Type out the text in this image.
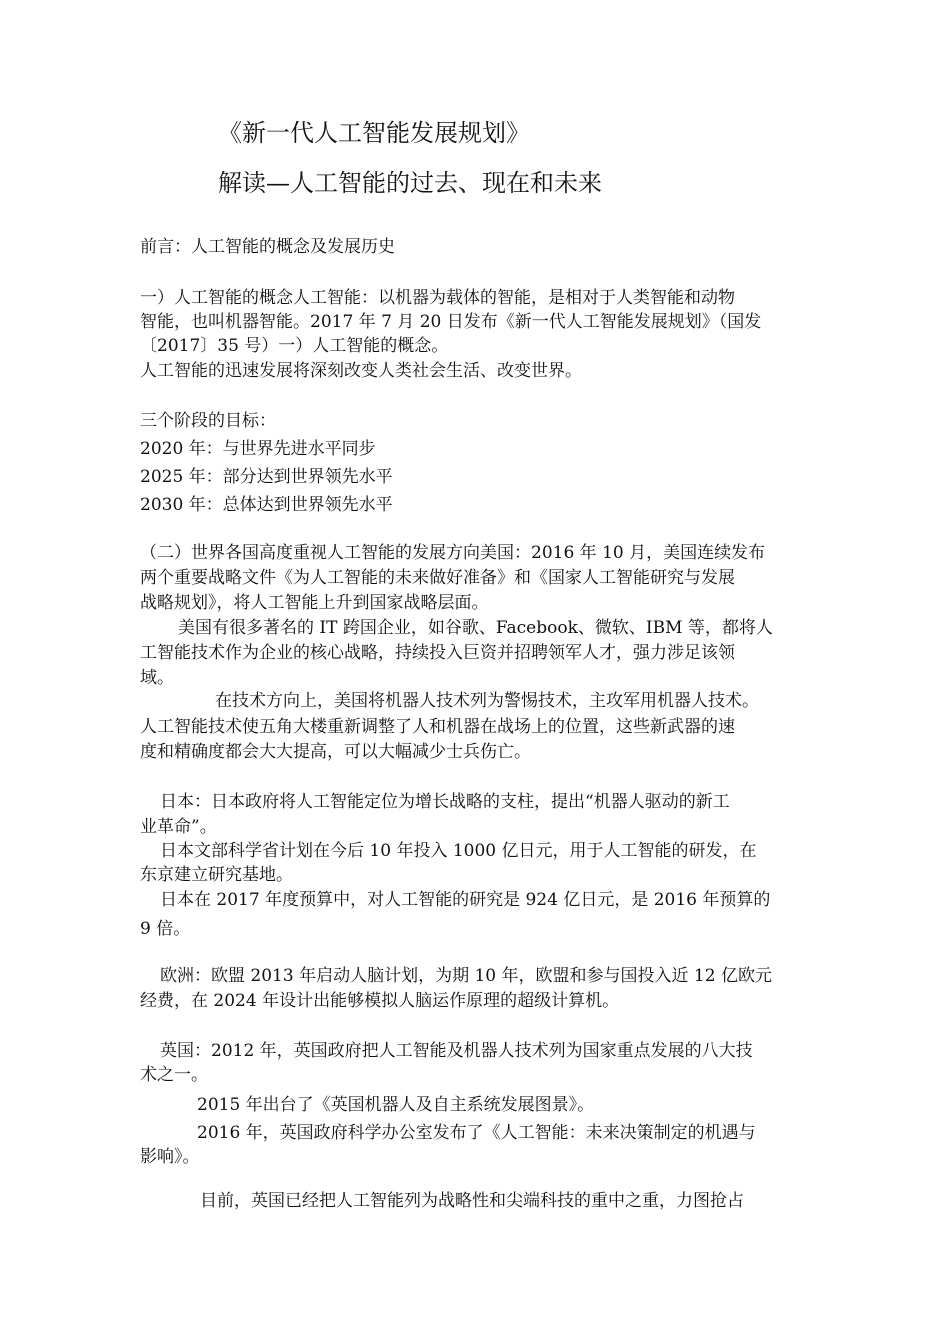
《新一代人工智能发展规划》
解读—人工智能的过去、现在和未来
前言：人工智能的概念及发展历史
一）人工智能的概念人工智能：以机器为载体的智能，是相对于人类智能和动物
智能，也叫机器智能。2017 年 7 月 20 日发布《新一代人工智能发展规划》（国发
〔2017〕35 号）一）人工智能的概念。
人工智能的迅速发展将深刻改变人类社会生活、改变世界。
三个阶段的目标：
2020 年：与世界先进水平同步
2025 年：部分达到世界领先水平
2030 年：总体达到世界领先水平
（二）世界各国高度重视人工智能的发展方向美国：2016 年 10 月，美国连续发布
两个重要战略文件《为人工智能的未来做好准备》和《国家人工智能研究与发展
战略规划》，将人工智能上升到国家战略层面。
美国有很多著名的 IT 跨国企业，如谷歌、Facebook、微软、IBM 等，都将人
工智能技术作为企业的核心战略，持续投入巨资并招聘领军人才，强力涉足该领
域。
在技术方向上，美国将机器人技术列为警惕技术，主攻军用机器人技术。
人工智能技术使五角大楼重新调整了人和机器在战场上的位置，这些新武器的速
度和精确度都会大大提高，可以大幅减少士兵伤亡。
日本：日本政府将人工智能定位为增长战略的支柱，提出“机器人驱动的新工
业革命”。
日本文部科学省计划在今后 10 年投入 1000 亿日元，用于人工智能的研发，在
东京建立研究基地。
日本在 2017 年度预算中，对人工智能的研究是 924 亿日元，是 2016 年预算的
9 倍。
欧洲：欧盟 2013 年启动人脑计划，为期 10 年，欧盟和参与国投入近 12 亿欧元
经费，在 2024 年设计出能够模拟人脑运作原理的超级计算机。
英国：2012 年，英国政府把人工智能及机器人技术列为国家重点发展的八大技
术之一。
2015 年出台了《英国机器人及自主系统发展图景》。
2016 年，英国政府科学办公室发布了《人工智能：未来决策制定的机遇与
影响》。
目前，英国已经把人工智能列为战略性和尖端科技的重中之重，力图抢占
